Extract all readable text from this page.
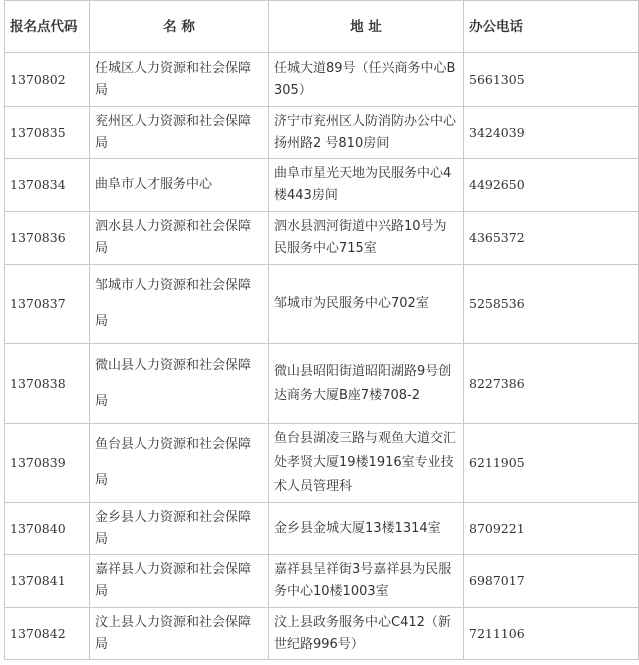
报名点代码	名 称	地 址	办公电话
1370802	任城区人力资源和社会保障局	任城大道89号（任兴商务中心B305）	5661305
1370835	兖州区人力资源和社会保障局	济宁市兖州区人防消防办公中心扬州路2 号810房间	3424039
1370834	曲阜市人才服务中心	曲阜市星光天地为民服务中心4楼443房间	4492650
1370836	泗水县人力资源和社会保障局	泗水县泗河街道中兴路10号为民服务中心715室	4365372
1370837	邹城市人力资源和社会保障局	邹城市为民服务中心702室	5258536
1370838	微山县人力资源和社会保障局	微山县昭阳街道昭阳湖路9号创达商务大厦B座7楼708-2	8227386
1370839	鱼台县人力资源和社会保障局	鱼台县湖凌三路与观鱼大道交汇处孝贤大厦19楼1916室专业技术人员管理科	6211905
1370840	金乡县人力资源和社会保障局	金乡县金城大厦13楼1314室	8709221
1370841	嘉祥县人力资源和社会保障局	嘉祥县呈祥街3号嘉祥县为民服务中心10楼1003室	6987017
1370842	汶上县人力资源和社会保障局	汶上县政务服务中心C412（新世纪路996号）	7211106
